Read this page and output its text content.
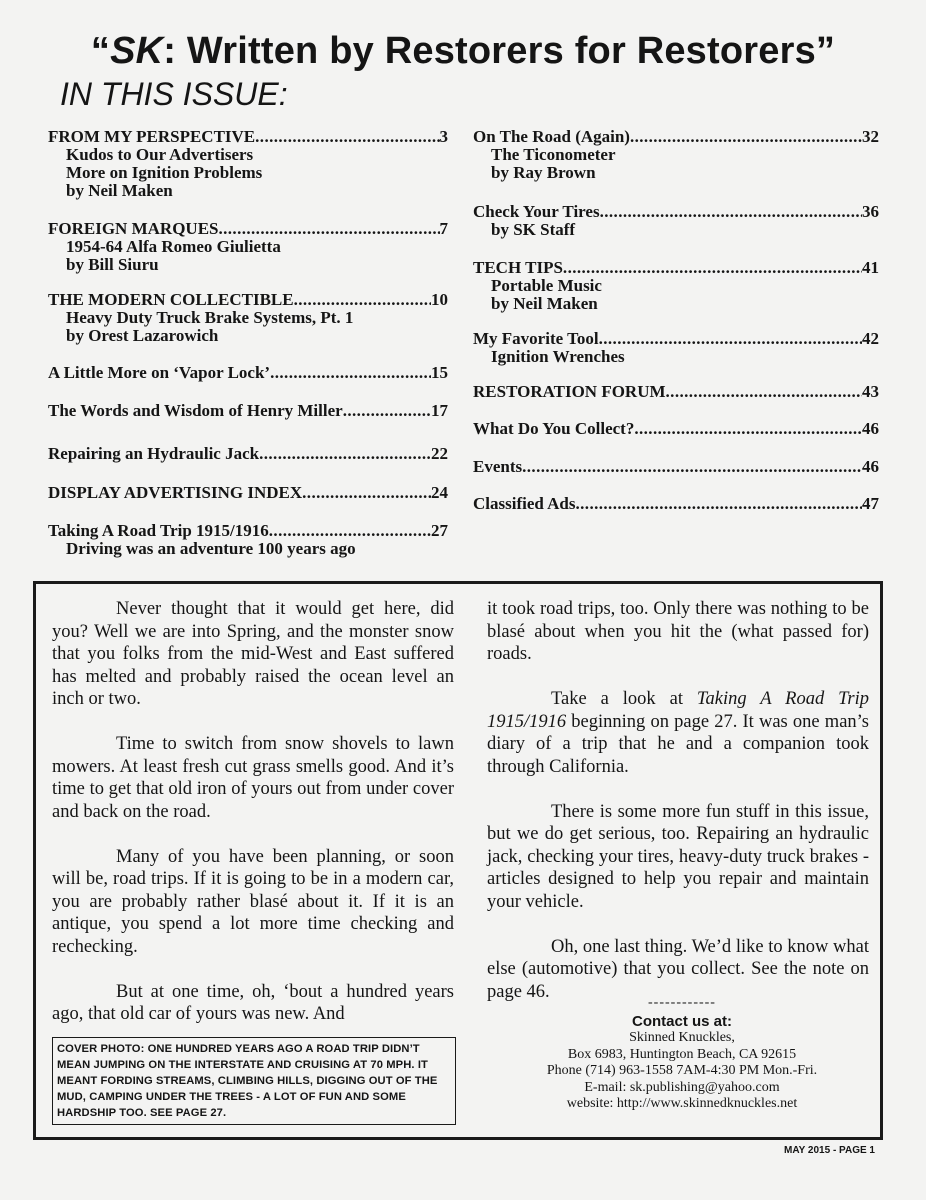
“SK: Written by Restorers for Restorers”
IN THIS ISSUE:
FROM MY PERSPECTIVE .....	3
Kudos to Our Advertisers
More on Ignition Problems
by Neil Maken
FOREIGN MARQUES .....	7
1954-64 Alfa Romeo Giulietta
by Bill Siuru
THE MODERN COLLECTIBLE .....	10
Heavy Duty Truck Brake Systems, Pt. 1
by Orest Lazarowich
A Little More on ‘Vapor Lock’ .....	15
The Words and Wisdom of Henry Miller .....	17
Repairing an Hydraulic Jack .....	22
DISPLAY ADVERTISING INDEX .....	24
Taking A Road Trip 1915/1916 .....	27
Driving was an adventure 100 years ago
On The Road (Again) .....	32
The Ticonometer
by Ray Brown
Check Your Tires .....	36
by SK Staff
TECH TIPS .....	41
Portable Music
by Neil Maken
My Favorite Tool .....	42
Ignition Wrenches
RESTORATION FORUM .....	43
What Do You Collect? .....	46
Events .....	46
Classified Ads .....	47

Never thought that it would get here, did you? Well we are into Spring, and the monster snow that you folks from the mid-West and East suffered has melted and probably raised the ocean level an inch or two.

Time to switch from snow shovels to lawn mowers. At least fresh cut grass smells good. And it’s time to get that old iron of yours out from under cover and back on the road.

Many of you have been planning, or soon will be, road trips. If it is going to be in a modern car, you are probably rather blasé about it. If it is an antique, you spend a lot more time checking and rechecking.

But at one time, oh, ‘bout a hundred years ago, that old car of yours was new. And

it took road trips, too. Only there was nothing to be blasé about when you hit the (what passed for) roads.

Take a look at Taking A Road Trip 1915/1916 beginning on page 27. It was one man’s diary of a trip that he and a companion took through California.

There is some more fun stuff in this issue, but we do get serious, too. Repairing an hydraulic jack, checking your tires, heavy-duty truck brakes - articles designed to help you repair and maintain your vehicle.

Oh, one last thing. We’d like to know what else (automotive) that you collect. See the note on page 46.

COVER PHOTO: ONE HUNDRED YEARS AGO A ROAD TRIP DIDN’T MEAN JUMPING ON THE INTERSTATE AND CRUISING AT 70 MPH. IT MEANT FORDING STREAMS, CLIMBING HILLS, DIGGING OUT OF THE MUD, CAMPING UNDER THE TREES - A LOT OF FUN AND SOME HARDSHIP TOO. SEE PAGE 27.
------------
Contact us at:
Skinned Knuckles,
Box 6983, Huntington Beach, CA 92615
Phone (714) 963-1558 7AM-4:30 PM Mon.-Fri.
E-mail: sk.publishing@yahoo.com
website: http://www.skinnedknuckles.net
MAY 2015 - PAGE 1
